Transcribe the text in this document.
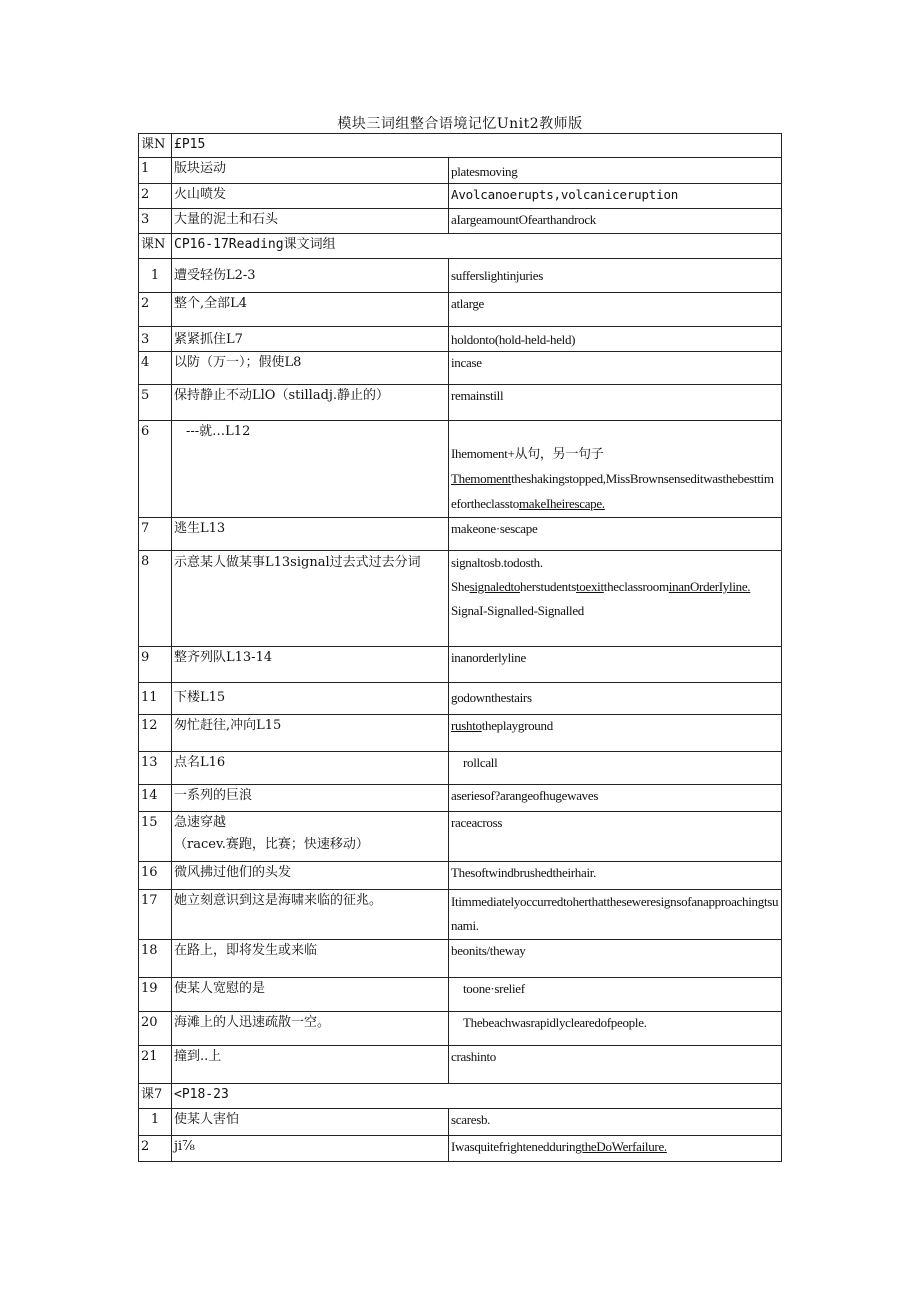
模块三词组整合语境记忆Unit2教师版
课N	£P15	
1	版块运动	platesmoving
2	火山喷发	Avolcanoerupts,volcaniceruption
3	大量的泥土和石头	aIargeamountOfearthandrock
课N	CP16-17Reading课文词组	
1	遭受轻伤L2-3	sufferslightinjuries
2	整个,全部L4	atlarge
3	紧紧抓住L7	holdonto(hold-held-held)
4	以防（万一）；假使L8	incase
5	保持静止不动LlO（stilladj.静止的）	remainstill
6	---就…L12	Ihemoment+从句，另一句子
Themomenttheshakingstopped,MissBrownsenseditwasthebesttimefortheclasstomakeIheirescape.

7	逃生L13	makeone·sescape
8	示意某人做某事L13signal过去式过去分词	signaltosb.todosth.
ShesignaledtoherstudentstoexittheclassroominanOrderIyline.
SignaI-Signalled-Signalled

9	整齐列队L13-14	inanorderlyline
11	下楼L15	godownthestairs
12	匆忙赶往,冲向L15	rushtotheplayground
13	点名L16	rollcall
14	一系列的巨浪	aseriesof?arangeofhugewaves
15	急速穿越
（racev.赛跑，比赛；快速移动）	raceacross
16	微风拂过他们的头发	Thesoftwindbrushedtheirhair.
17	她立刻意识到这是海啸来临的征兆。	Itimmediatelyoccurredtoherthattheseweresignsofanapproachingtsunami.
18	在路上，即将发生或来临	beonits/theway
19	使某人宽慰的是	toone·srelief
20	海滩上的人迅速疏散一空。	Thebeachwasrapidlyclearedofpeople.
21	撞到..上	crashinto
课7	<P18-23	
1	使某人害怕	scaresb.
2	ji⅞	IwasquitefrightenedduringtheDoWerfailure.
